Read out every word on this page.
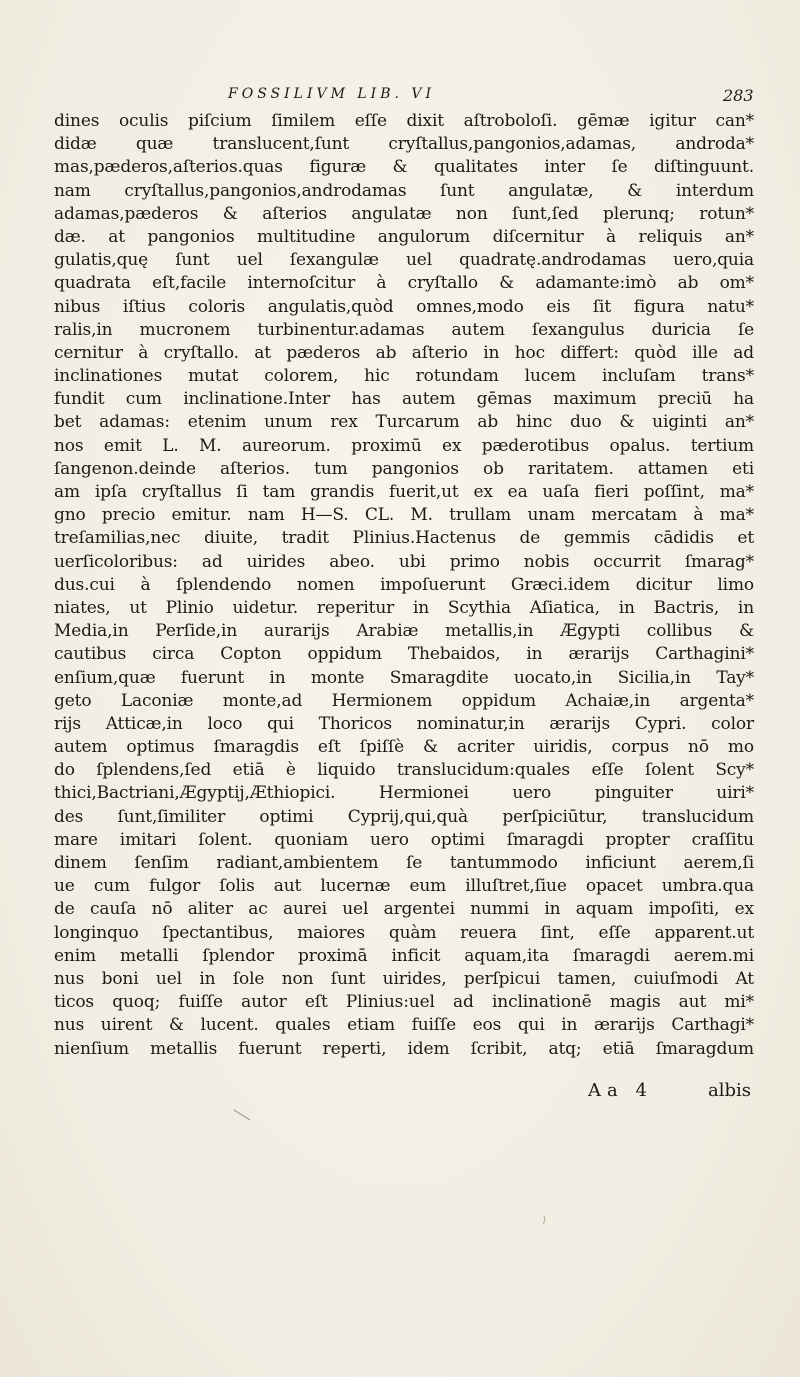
FOSSILIVM LIB. VI	283
dines oculis piſcium ſimilem eſſe dixit aſtroboloſi. gēmæ igitur can*
didæ quæ translucent,ſunt cryſtallus,pangonios,adamas, androda*
mas,pæderos,aſterios.quas figuræ & qualitates inter ſe diſtinguunt.
nam cryſtallus,pangonios,androdamas ſunt angulatæ, & interdum
adamas,pæderos & aſterios angulatæ non ſunt,ſed plerunq; rotun*
dæ. at pangonios multitudine angulorum diſcernitur à reliquis an*
gulatis,quę ſunt uel ſexangulæ uel quadratę.androdamas uero,quia
quadrata eſt,facile internoſcitur à cryſtallo & adamante:imò ab om*
nibus iſtius coloris angulatis,quòd omnes,modo eis ſit figura natu*
ralis,in mucronem turbinentur.adamas autem ſexangulus duricia ſe
cernitur à cryſtallo. at pæderos ab aſterio in hoc differt: quòd ille ad
inclinationes mutat colorem, hic rotundam lucem incluſam trans*
fundit cum inclinatione.Inter has autem gēmas maximum preciū ha
bet adamas: etenim unum rex Turcarum ab hinc duo & uiginti an*
nos emit L. M. aureorum. proximū ex pæderotibus opalus. tertium
ſangenon.deinde aſterios. tum pangonios ob raritatem. attamen eti
am ipſa cryſtallus ſi tam grandis fuerit,ut ex ea uaſa fieri poſſint, ma*
gno precio emitur. nam H—S. CL. M. trullam unam mercatam à ma*
treſamilias,nec diuite, tradit Plinius.Hactenus de gemmis cādidis et
uerſicoloribus: ad uirides abeo. ubi primo nobis occurrit ſmarag*
dus.cui à ſplendendo nomen impoſuerunt Græci.idem dicitur limo
niates, ut Plinio uidetur. reperitur in Scythia Aſiatica, in Bactris, in
Media,in Perſide,in aurarijs Arabiæ metallis,in Ægypti collibus &
cautibus circa Copton oppidum Thebaidos, in ærarijs Carthagini*
enſium,quæ fuerunt in monte Smaragdite uocato,in Sicilia,in Tay*
geto Laconiæ monte,ad Hermionem oppidum Achaiæ,in argenta*
rijs Atticæ,in loco qui Thoricos nominatur,in ærarijs Cypri. color
autem optimus ſmaragdis eſt ſpiſſè & acriter uiridis, corpus nō mo
do ſplendens,ſed etiā è liquido translucidum:quales eſſe ſolent Scy*
thici,Bactriani,Ægyptij,Æthiopici. Hermionei uero pinguiter uiri*
des ſunt,ſimiliter optimi Cyprij,qui,quà perſpiciūtur, translucidum
mare imitari ſolent. quoniam uero optimi ſmaragdi propter craſſitu
dinem ſenſim radiant,ambientem ſe tantummodo inficiunt aerem,ſi
ue cum fulgor ſolis aut lucernæ eum illuſtret,ſiue opacet umbra.qua
de cauſa nō aliter ac aurei uel argentei nummi in aquam impoſiti, ex
longinquo ſpectantibus, maiores quàm reuera ſint, eſſe apparent.ut
enim metalli ſplendor proximā inficit aquam,ita ſmaragdi aerem.mi
nus boni uel in ſole non ſunt uirides, perſpicui tamen, cuiuſmodi At
ticos quoq; fuiſſe autor eſt Plinius:uel ad inclinationē magis aut mi*
nus uirent & lucent. quales etiam fuiſſe eos qui in ærarijs Carthagi*
nienſium metallis fuerunt reperti, idem ſcribit, atq; etiā ſmaragdum
Aa 4	albis
